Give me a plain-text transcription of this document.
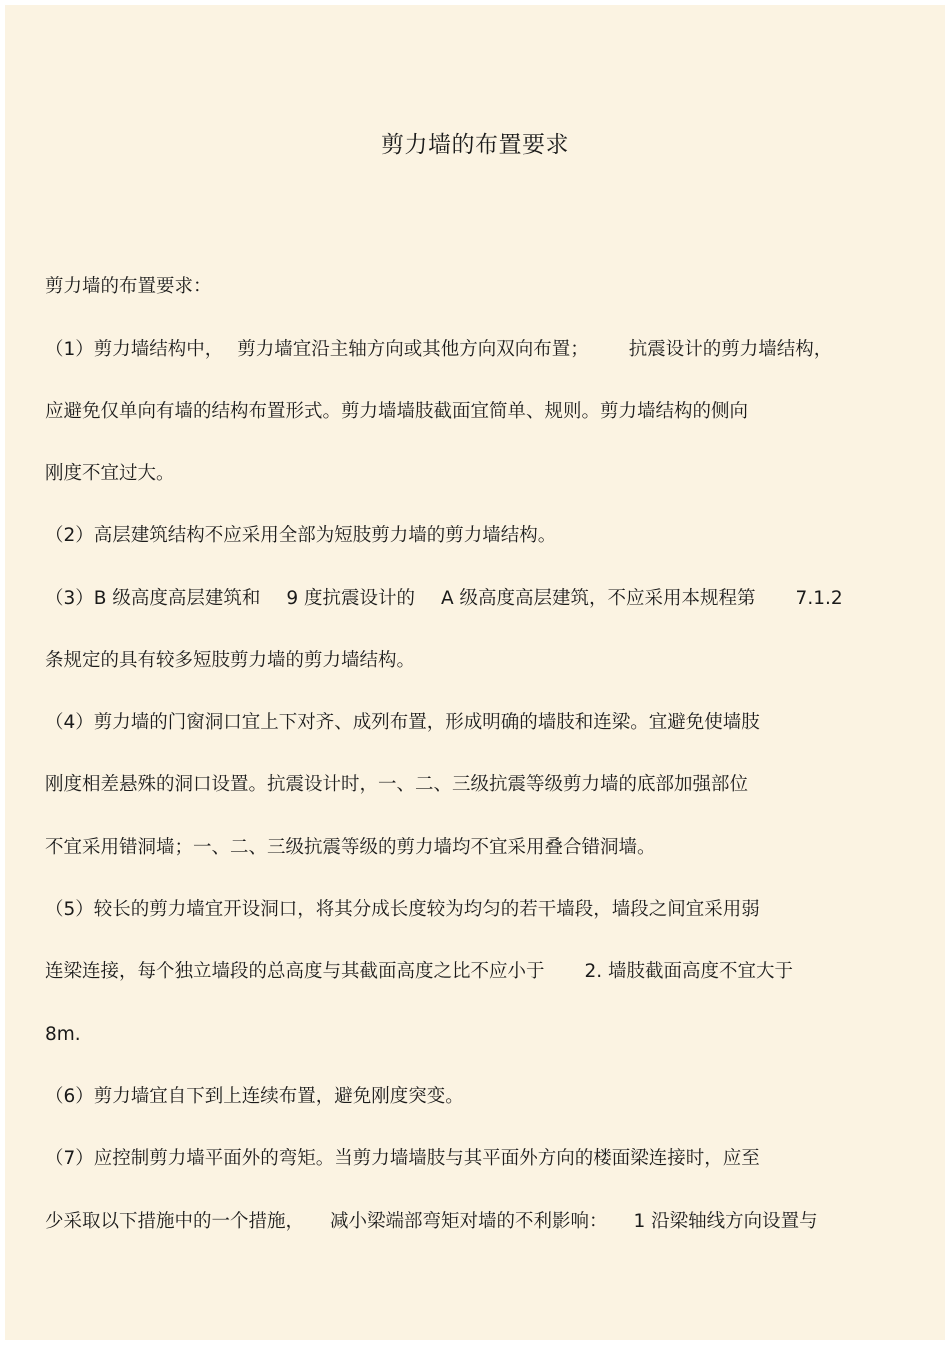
剪力墙的布置要求
剪力墙的布置要求：
（1）剪力墙结构中， 剪力墙宜沿主轴方向或其他方向双向布置； 抗震设计的剪力墙结构，
应避免仅单向有墙的结构布置形式。剪力墙墙肢截面宜简单、规则。剪力墙结构的侧向
刚度不宜过大。
（2）高层建筑结构不应采用全部为短肢剪力墙的剪力墙结构。
（3）B 级高度高层建筑和 9 度抗震设计的 A 级高度高层建筑，不应采用本规程第 7.1.2
条规定的具有较多短肢剪力墙的剪力墙结构。
（4）剪力墙的门窗洞口宜上下对齐、成列布置，形成明确的墙肢和连梁。宜避免使墙肢
刚度相差悬殊的洞口设置。抗震设计时，一、二、三级抗震等级剪力墙的底部加强部位
不宜采用错洞墙；一、二、三级抗震等级的剪力墙均不宜采用叠合错洞墙。
（5）较长的剪力墙宜开设洞口，将其分成长度较为均匀的若干墙段，墙段之间宜采用弱
连梁连接，每个独立墙段的总高度与其截面高度之比不应小于 2. 墙肢截面高度不宜大于
8m.
（6）剪力墙宜自下到上连续布置，避免刚度突变。
（7）应控制剪力墙平面外的弯矩。当剪力墙墙肢与其平面外方向的楼面梁连接时，应至
少采取以下措施中的一个措施， 减小梁端部弯矩对墙的不利影响： 1 沿梁轴线方向设置与
